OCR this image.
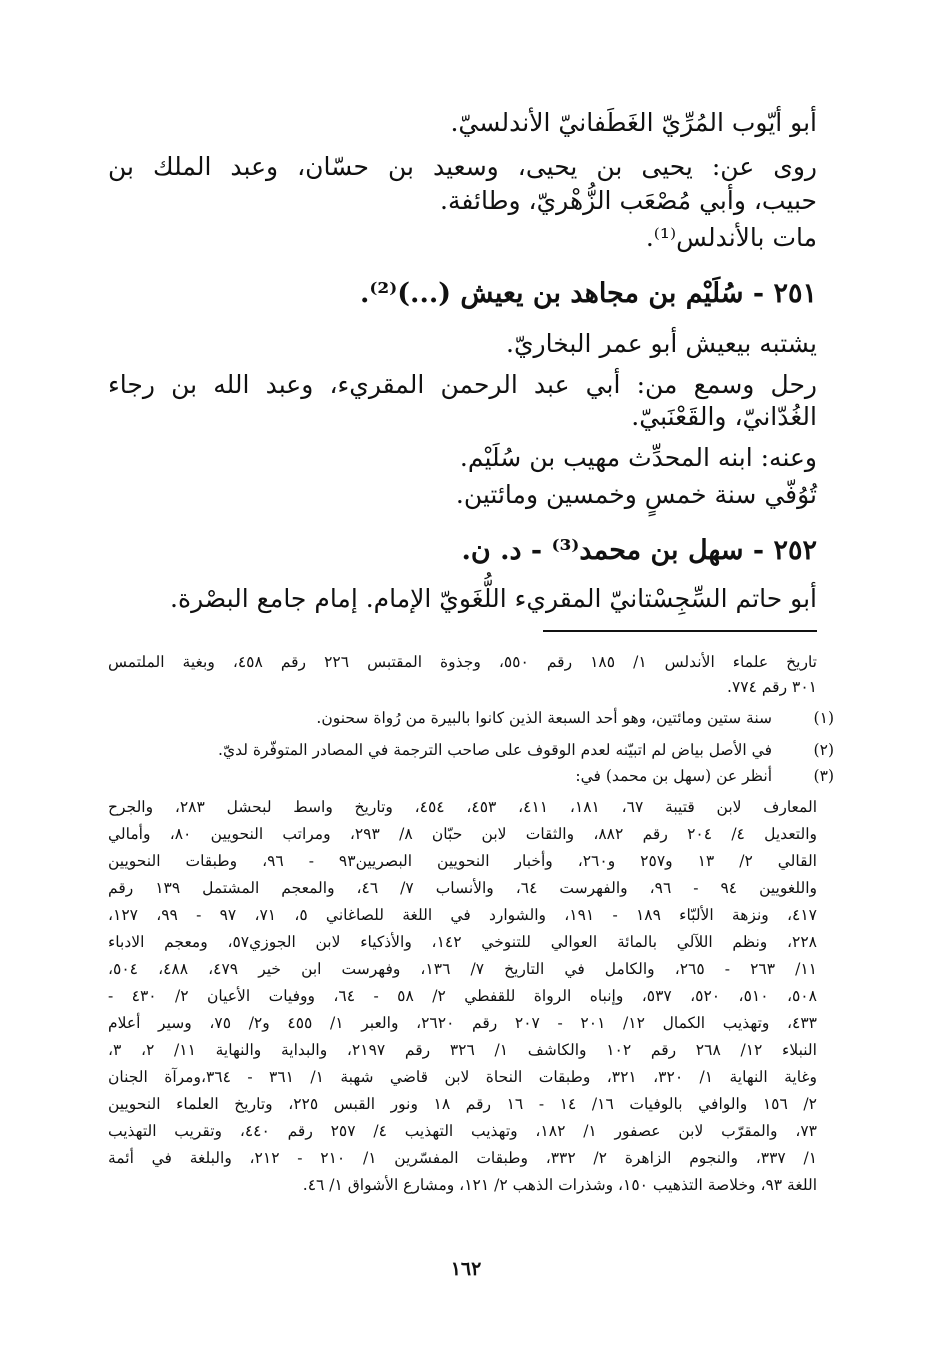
أبو أيّوب المُرِّيّ الغَطَفانيّ الأندلسيّ.
روى عن: يحيى بن يحيى، وسعيد بن حسّان، وعبد الملك بن
حبيب، وأبي مُصْعَب الزُّهْريّ، وطائفة.
مات بالأندلس⁽¹⁾.
٢٥١ - سُلَيْم بن مجاهد بن يعيش (...)⁽²⁾.
يشتبه بيعيش أبو عمر البخاريّ.
رحل وسمع من: أبي عبد الرحمن المقريء، وعبد الله بن رجاء
الغُدّانيّ، والقَعْنَبيّ.
وعنه: ابنه المحدِّث مهيب بن سُلَيْم.
تُوُفّي سنة خمسٍ وخمسين ومائتين.
٢٥٢ - سهل بن محمد⁽³⁾ - د. ن.
أبو حاتم السِّجِسْتانيّ المقريء اللُّغَويّ الإمام. إمام جامع البصْرة.
تاريخ علماء الأندلس ١/ ١٨٥ رقم ٥٥٠، وجذوة المقتبس ٢٢٦ رقم ٤٥٨، وبغية الملتمس
٣٠١ رقم ٧٧٤.
(١)
سنة ستين ومائتين، وهو أحد السبعة الذين كانوا بالبيرة من رُواة سحنون.
(٢)
في الأصل بياض لم اتبيّنه لعدم الوقوف على صاحب الترجمة في المصادر المتوفّرة لديّ.
(٣)
أنظر عن (سهل بن محمد) في:
المعارف لابن قتيبة ٦٧، ١٨١، ٤١١، ٤٥٣، ٤٥٤، وتاريخ واسط لبحشل ٢٨٣، والجرح
والتعديل ٤/ ٢٠٤ رقم ٨٨٢، والثقات لابن حبّان ٨/ ٢٩٣، ومراتب النحويين ٨٠، وأمالي
القالي ٢/ ١٣ و٢٥٧ و٢٦٠، وأخبار النحويين البصريين٩٣ - ٩٦، وطبقات النحويين
واللغويين ٩٤ - ٩٦، والفهرست ٦٤، والأنساب ٧/ ٤٦، والمعجم المشتمل ١٣٩ رقم
٤١٧، ونزهة الألبّاء ١٨٩ - ١٩١، والشوارد في اللغة للصاغاني ٥، ٧١، ٩٧ - ٩٩، ١٢٧،
٢٢٨، ونظم اللآلي بالمائة العوالي للتنوخي ١٤٢، والأذكياء لابن الجوزي٥٧، ومعجم الادباء
١١/ ٢٦٣ - ٢٦٥، والكامل في التاريخ ٧/ ١٣٦، وفهرست ابن خير ٤٧٩، ٤٨٨، ٥٠٤،
٥٠٨، ٥١٠، ٥٢٠، ٥٣٧، وإنباه الرواة للقفطي ٢/ ٥٨ - ٦٤، ووفيات الأعيان ٢/ ٤٣٠ -
٤٣٣، وتهذيب الكمال ١٢/ ٢٠١ - ٢٠٧ رقم ٢٦٢٠، والعبر ١/ ٤٥٥ و٢/ ٧٥، وسير أعلام
النبلاء ١٢/ ٢٦٨ رقم ١٠٢ والكاشف ١/ ٣٢٦ رقم ٢١٩٧، والبداية والنهاية ١١/ ٢، ٣،
وغاية النهاية ١/ ٣٢٠، ٣٢١، وطبقات النحاة لابن قاضي شهبة ١/ ٣٦١ - ٣٦٤،ومرآة الجنان
٢/ ١٥٦ والوافي بالوفيات ١٦/ ١٤ - ١٦ رقم ١٨ ونور القبس ٢٢٥، وتاريخ العلماء النحويين
٧٣، والمقرّب لابن عصفور ١/ ١٨٢، وتهذيب التهذيب ٤/ ٢٥٧ رقم ٤٤٠، وتقريب التهذيب
١/ ٣٣٧، والنجوم الزاهرة ٢/ ٣٣٢، وطبقات المفسّرين ١/ ٢١٠ - ٢١٢، والبلغة في أئمة
اللغة ٩٣، وخلاصة التذهيب ١٥٠، وشذرات الذهب ٢/ ١٢١، ومشارع الأشواق ١/ ٤٦.
١٦٢
